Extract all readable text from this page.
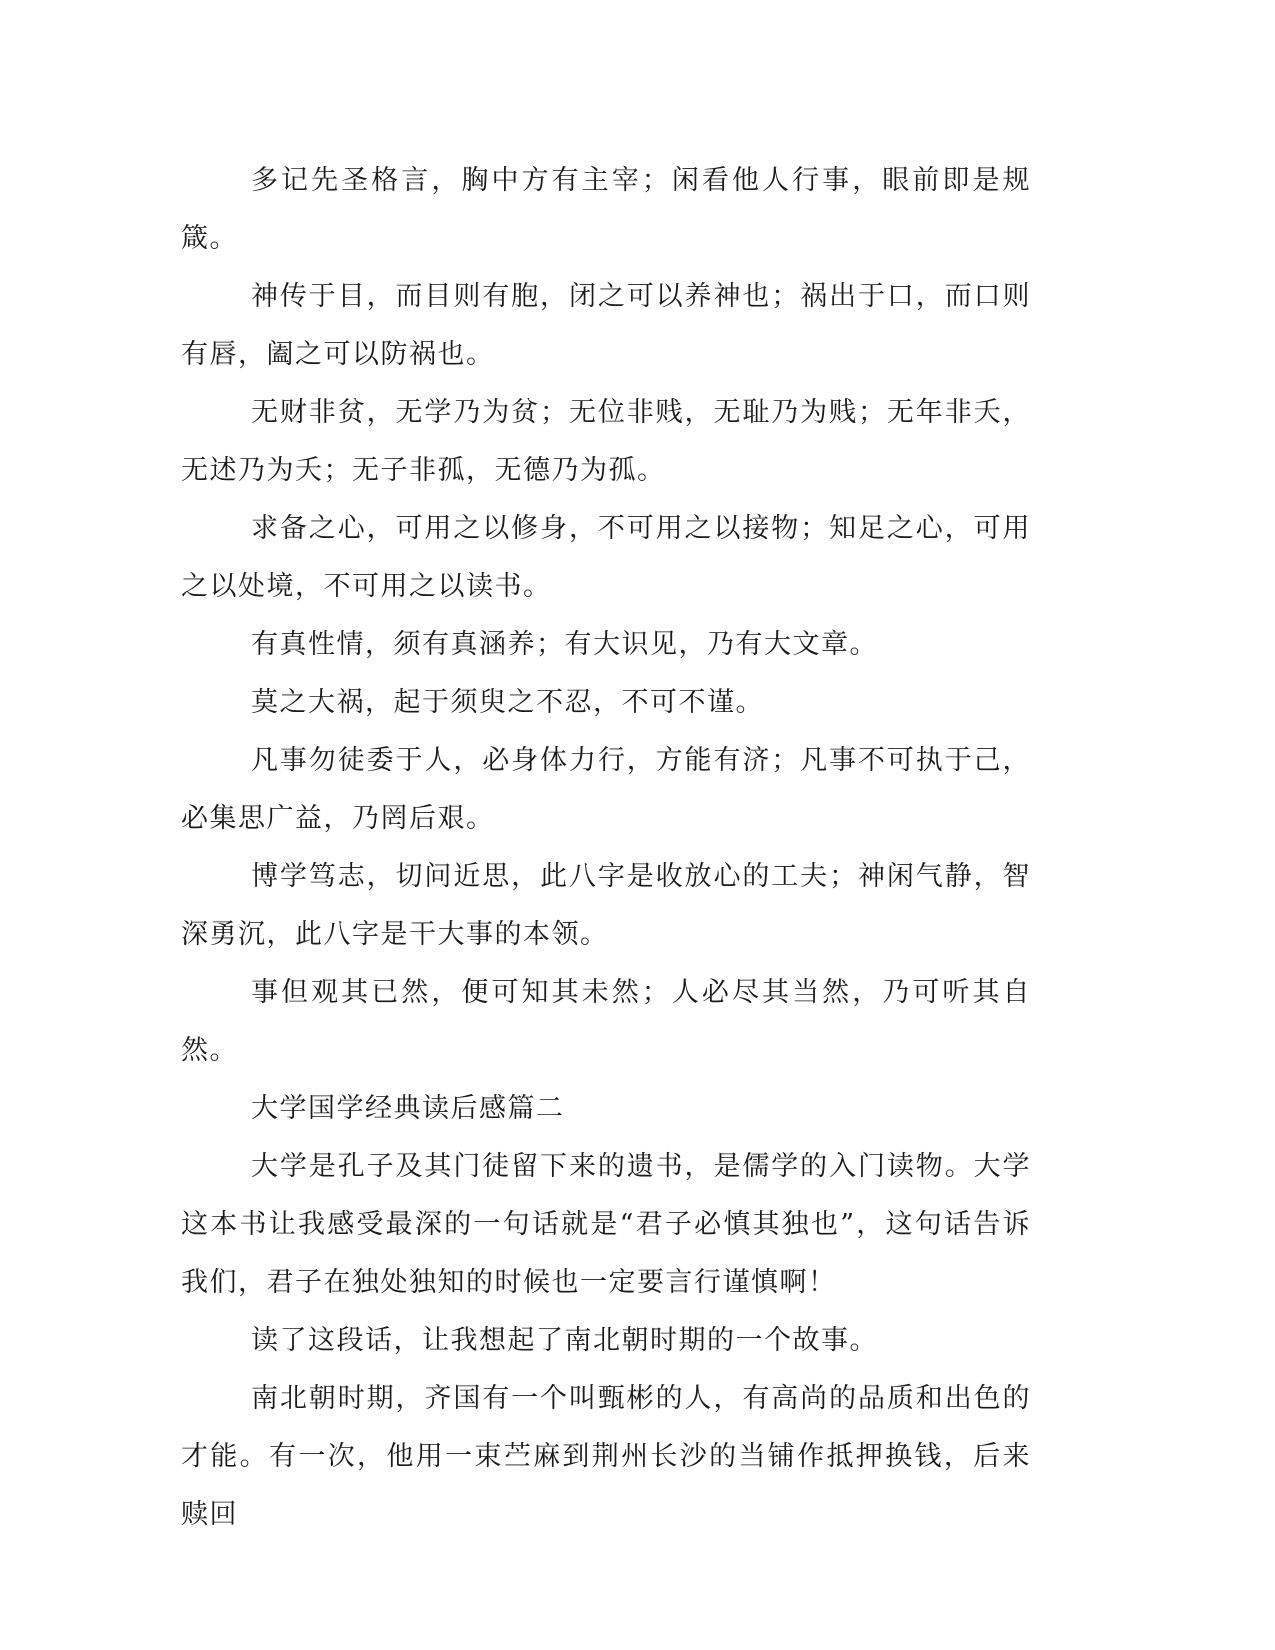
多记先圣格言，胸中方有主宰；闲看他人行事，眼前即是规箴。

神传于目，而目则有胞，闭之可以养神也；祸出于口，而口则有唇，阖之可以防祸也。

无财非贫，无学乃为贫；无位非贱，无耻乃为贱；无年非夭，无述乃为夭；无子非孤，无德乃为孤。

求备之心，可用之以修身，不可用之以接物；知足之心，可用之以处境，不可用之以读书。

有真性情，须有真涵养；有大识见，乃有大文章。

莫之大祸，起于须臾之不忍，不可不谨。

凡事勿徒委于人，必身体力行，方能有济；凡事不可执于己，必集思广益，乃罔后艰。

博学笃志，切问近思，此八字是收放心的工夫；神闲气静，智深勇沉，此八字是干大事的本领。

事但观其已然，便可知其未然；人必尽其当然，乃可听其自然。

大学国学经典读后感篇二

大学是孔子及其门徒留下来的遗书，是儒学的入门读物。大学这本书让我感受最深的一句话就是“君子必慎其独也”，这句话告诉我们，君子在独处独知的时候也一定要言行谨慎啊！

读了这段话，让我想起了南北朝时期的一个故事。

南北朝时期，齐国有一个叫甄彬的人，有高尚的品质和出色的才能。有一次，他用一束苎麻到荆州长沙的当铺作抵押换钱，后来赎回
